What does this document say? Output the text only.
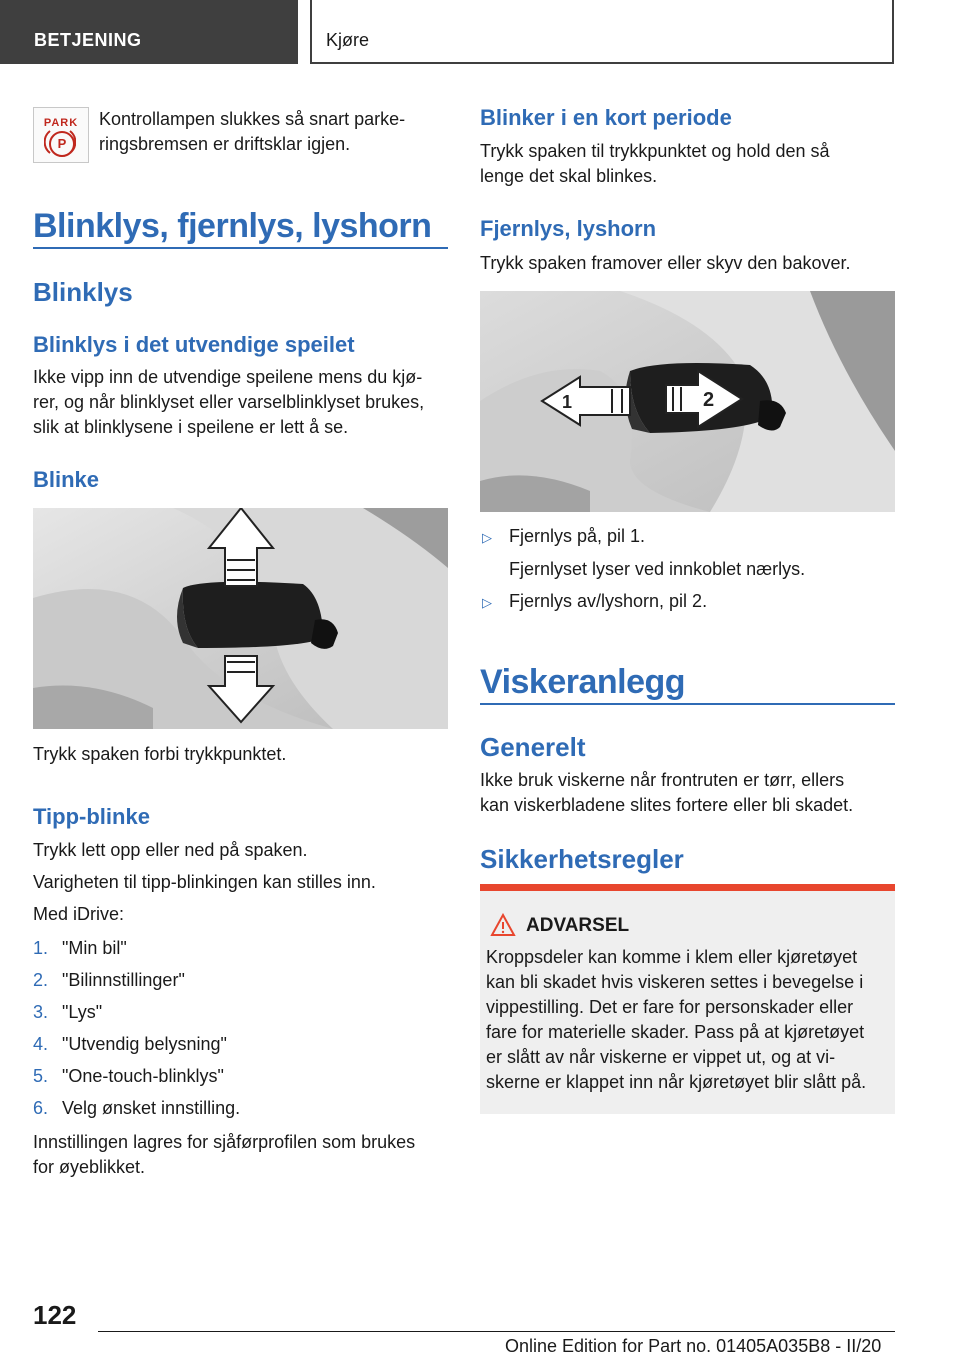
BETJENING	Kjøre
PARK
P
Kontrollampen slukkes så snart parke-
ringsbremsen er driftsklar igjen.
Blinklys, fjernlys, lyshorn
Blinklys
Blinklys i det utvendige speilet
Ikke vipp inn de utvendige speilene mens du kjø-
rer, og når blinklyset eller varselblinklyset brukes,
slik at blinklysene i speilene er lett å se.
Blinke
Trykk spaken forbi trykkpunktet.
Tipp-blinke
Trykk lett opp eller ned på spaken.
Varigheten til tipp-blinkingen kan stilles inn.
Med iDrive:
1. "Min bil"
2. "Bilinnstillinger"
3. "Lys"
4. "Utvendig belysning"
5. "One-touch-blinklys"
6. Velg ønsket innstilling.
Innstillingen lagres for sjåførprofilen som brukes
for øyeblikket.
Blinker i en kort periode
Trykk spaken til trykkpunktet og hold den så
lenge det skal blinkes.
Fjernlys, lyshorn
Trykk spaken framover eller skyv den bakover.
1	2
▷ Fjernlys på, pil 1.
Fjernlyset lyser ved innkoblet nærlys.
▷ Fjernlys av/lyshorn, pil 2.
Viskeranlegg
Generelt
Ikke bruk viskerne når frontruten er tørr, ellers
kan viskerbladene slites fortere eller bli skadet.
Sikkerhetsregler
ADVARSEL
Kroppsdeler kan komme i klem eller kjøretøyet
kan bli skadet hvis viskeren settes i bevegelse i
vippestilling. Det er fare for personskader eller
fare for materielle skader. Pass på at kjøretøyet
er slått av når viskerne er vippet ut, og at vi-
skerne er klappet inn når kjøretøyet blir slått på.
122
Online Edition for Part no. 01405A035B8 - II/20
